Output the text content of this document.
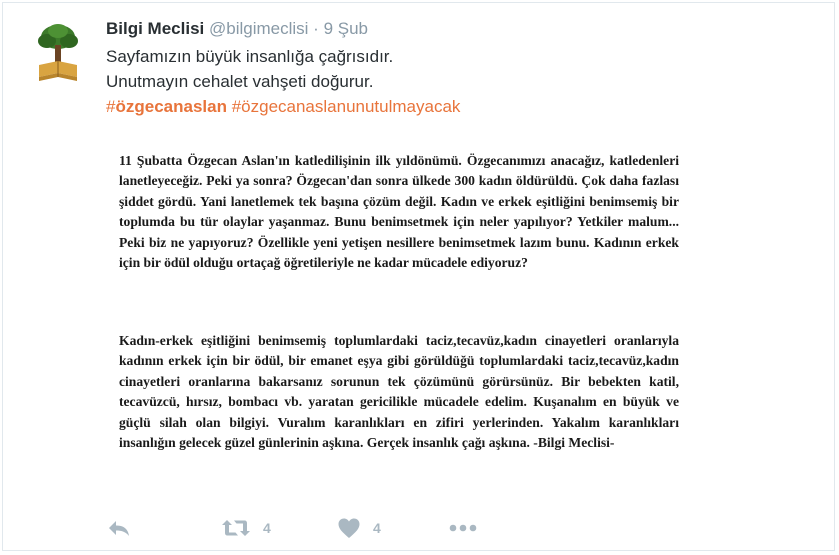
Bilgi Meclisi @bilgimeclisi · 9 Şub
Sayfamızın büyük insanlığa çağrısıdır.
Unutmayın cehalet vahşeti doğurur.
#özgecanaslan #özgecanaslanunutulmayacak

11 Şubatta Özgecan Aslan'ın katledilişinin ilk yıldönümü. Özgecanımızı anacağız, katledenleri lanetleyeceğiz. Peki ya sonra? Özgecan'dan sonra ülkede 300 kadın öldürüldü. Çok daha fazlası şiddet gördü. Yani lanetlemek tek başına çözüm değil. Kadın ve erkek eşitliğini benimsemiş bir toplumda bu tür olaylar yaşanmaz. Bunu benimsetmek için neler yapılıyor? Yetkiler malum... Peki biz ne yapıyoruz? Özellikle yeni yetişen nesillere benimsetmek lazım bunu. Kadının erkek için bir ödül olduğu ortaçağ öğretileriyle ne kadar mücadele ediyoruz?

Kadın-erkek eşitliğini benimsemiş toplumlardaki taciz,tecavüz,kadın cinayetleri oranlarıyla kadının erkek için bir ödül, bir emanet eşya gibi görüldüğü toplumlardaki taciz,tecavüz,kadın cinayetleri oranlarına bakarsanız sorunun tek çözümünü görürsünüz. Bir bebekten katil, tecavüzcü, hırsız, bombacı vb. yaratan gericilikle mücadele edelim. Kuşanalım en büyük ve güçlü silah olan bilgiyi. Vuralım karanlıkları en zifiri yerlerinden. Yakalım karanlıkları insanlığın gelecek güzel günlerinin aşkına. Gerçek insanlık çağı aşkına. -Bilgi Meclisi-

4	4
